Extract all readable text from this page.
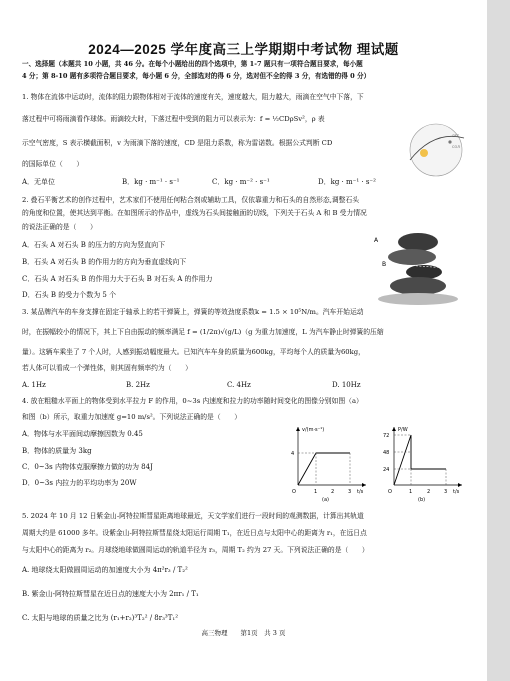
2024—2025 学年度高三上学期期中考试物 理试题
一、选择题（本题共 10 小题，共 46 分。在每个小题给出的四个选项中，第 1-7 题只有一项符合题目要求，每小题
4 分；第 8-10 题有多项符合题目要求，每小题 6 分，全部选对的得 6 分，选对但不全的得 3 分，有选错的得 0 分）
1. 物体在流体中运动时，流体的阻力跟物体相对于流体的速度有关，速度越大，阻力越大，雨滴在空气中下落，下
落过程中可将雨滴看作球体。雨滴较大时，下落过程中受到的阻力可以表示为：f = ½CDρSv²，ρ 表
示空气密度，S 表示横截面积，v 为雨滴下落的速度，CD 是阻力系数，称为雷诺数。根据公式判断 CD
的国际单位（　　）
A．无单位	B．kg · m⁻¹ · s⁻¹	C．kg · m⁻² · s⁻¹	D．kg · m⁻¹ · s⁻²
ЛЕТ
СОЛ
2. 叠石平衡艺术的创作过程中，艺术家们不使用任何粘合剂或辅助工具，仅依靠重力和石头的自然形态,调整石头
的角度和位置，使其达到平衡。在如图所示的作品中，虚线为石头间接触面的切线，下列关于石头 A 和 B 受力情况
的说法正确的是（　　）
A．石头 A 对石头 B 的压力的方向为竖直向下
B．石头 A 对石头 B 的作用力的方向为垂直虚线向下
C．石头 A 对石头 B 的作用力大于石头 B 对石头 A 的作用力
D．石头 B 的受力个数为 5 个
A
B
3. 某品牌汽车的车身支撑在固定于轴承上的若干弹簧上，弹簧的等效劲度系数k = 1.5 × 10⁵N/m。汽车开始运动
时，在振幅较小的情况下，其上下自由振动的频率满足 f = (1/2π)√(g/L)（g 为重力加速度，L 为汽车静止时弹簧的压缩
量）。这辆车乘坐了 7 个人时，人感到振动幅度最大。已知汽车车身的质量为600kg，平均每个人的质量为60kg，
若人体可以看成一个弹性体，则其固有频率约为（　　）
A. 1Hz	B. 2Hz	C. 4Hz	D. 10Hz
4. 放在粗糙水平面上的物体受到水平拉力 F 的作用，0~3s 内速度和拉力的功率随时间变化的图像分别如图（a）
和图（b）所示，取重力加速度 g=10 m/s²。下列说法正确的是（　　）
A．物体与水平面间动摩擦因数为 0.45
B．物体的质量为 3kg
C．0~3s 内物体克服摩擦力做的功为 84J
D．0~3s 内拉力的平均功率为 20W
v/(m·s⁻¹)
t/s
4
O	1	2	3
(a)
P/W
t/s
72
48
24
O	1	2	3
(b)
5. 2024 年 10 月 12 日紫金山-阿特拉斯彗星距离地球最近，天文学家们进行一段时间的观测数据，计算出其轨道
周期大约是 61000 多年。设紫金山-阿特拉斯彗星绕太阳运行周期 T₁，在近日点与太阳中心的距离为 r₁，在远日点
与太阳中心的距离为 r₂。月球绕地球做圆周运动的轨道半径为 r₃，周期 T₂ 约为 27 天。下列说法正确的是（　　）
A. 地球绕太阳做圆周运动的加速度大小为 4π²r₃ / T₂²
B. 紫金山-阿特拉斯彗星在近日点的速度大小为 2πr₁ / T₁
C. 太阳与地球的质量之比为 (r₁+r₂)³T₂² / 8r₃³T₁²
高三物理　　第1页　共 3 页
